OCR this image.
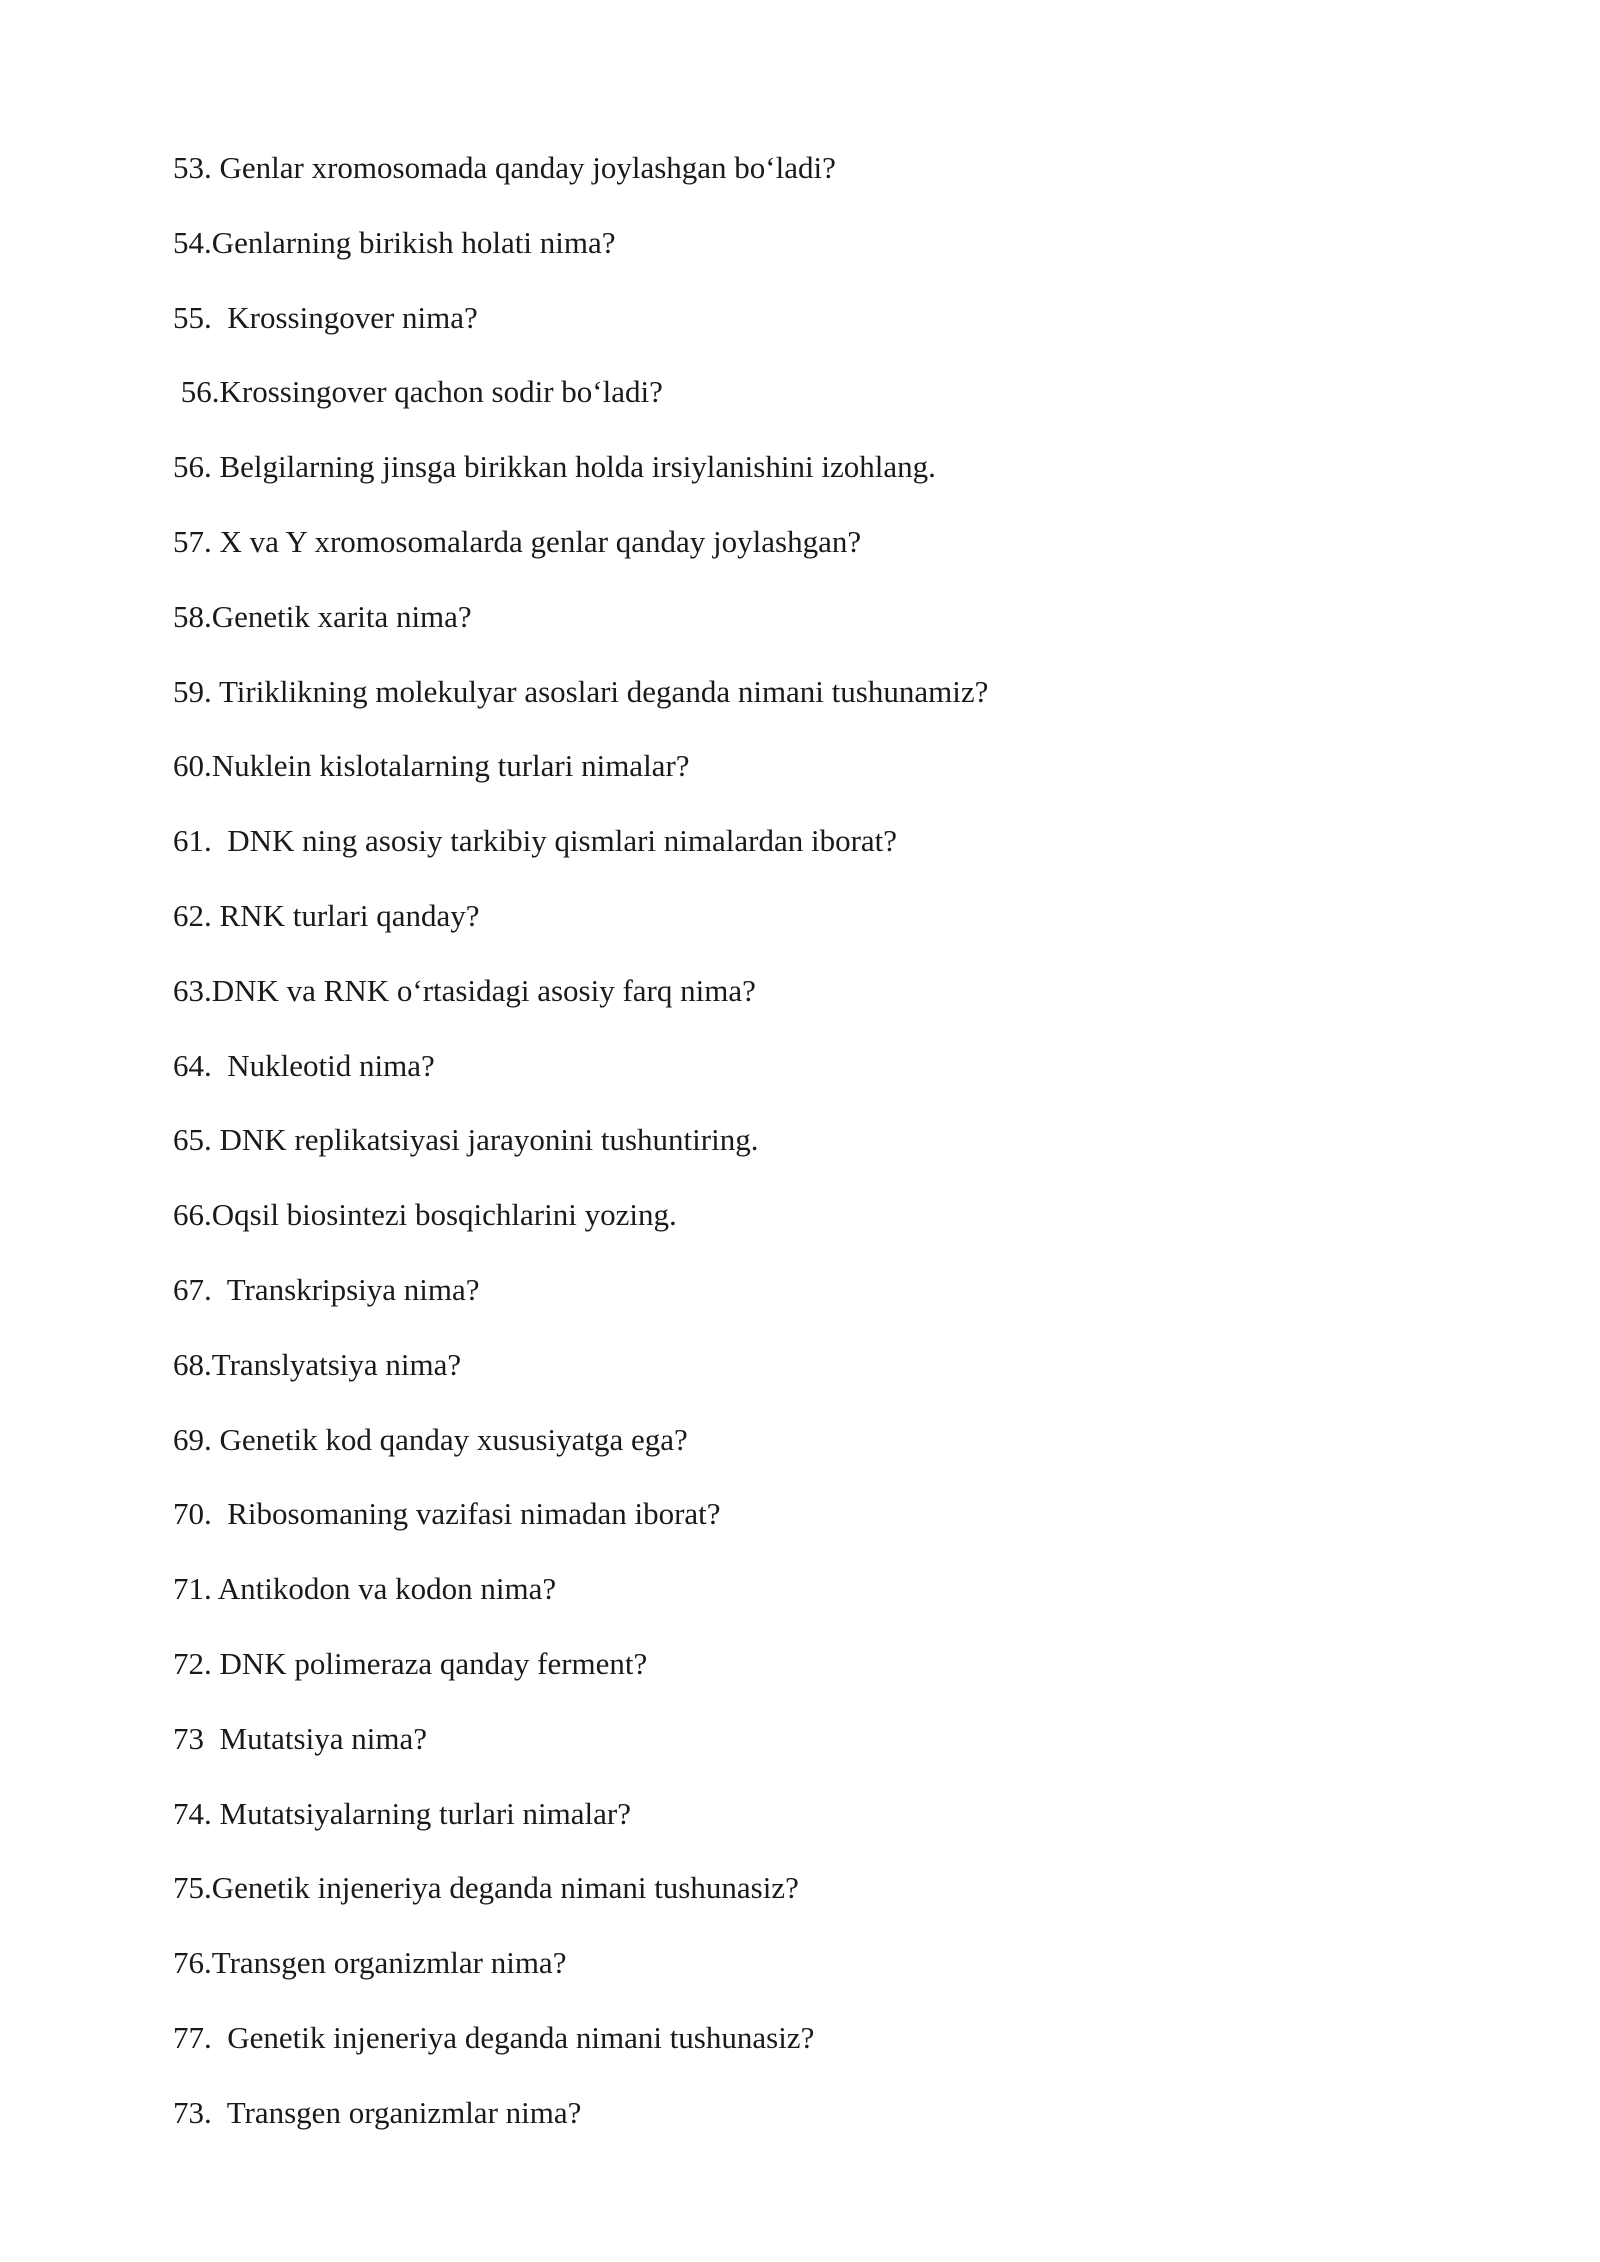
53. Genlar xromosomada qanday joylashgan bo‘ladi?
54.Genlarning birikish holati nima?
55.  Krossingover nima?
56.Krossingover qachon sodir bo‘ladi?
56. Belgilarning jinsga birikkan holda irsiylanishini izohlang.
57. X va Y xromosomalarda genlar qanday joylashgan?
58.Genetik xarita nima?
59. Tiriklikning molekulyar asoslari deganda nimani tushunamiz?
60.Nuklein kislotalarning turlari nimalar?
61.  DNK ning asosiy tarkibiy qismlari nimalardan iborat?
62. RNK turlari qanday?
63.DNK va RNK o‘rtasidagi asosiy farq nima?
64.  Nukleotid nima?
65. DNK replikatsiyasi jarayonini tushuntiring.
66.Oqsil biosintezi bosqichlarini yozing.
67.  Transkripsiya nima?
68.Translyatsiya nima?
69. Genetik kod qanday xususiyatga ega?
70.  Ribosomaning vazifasi nimadan iborat?
71. Antikodon va kodon nima?
72. DNK polimeraza qanday ferment?
73  Mutatsiya nima?
74. Mutatsiyalarning turlari nimalar?
75.Genetik injeneriya deganda nimani tushunasiz?
76.Transgen organizmlar nima?
77.  Genetik injeneriya deganda nimani tushunasiz?
73.  Transgen organizmlar nima?
